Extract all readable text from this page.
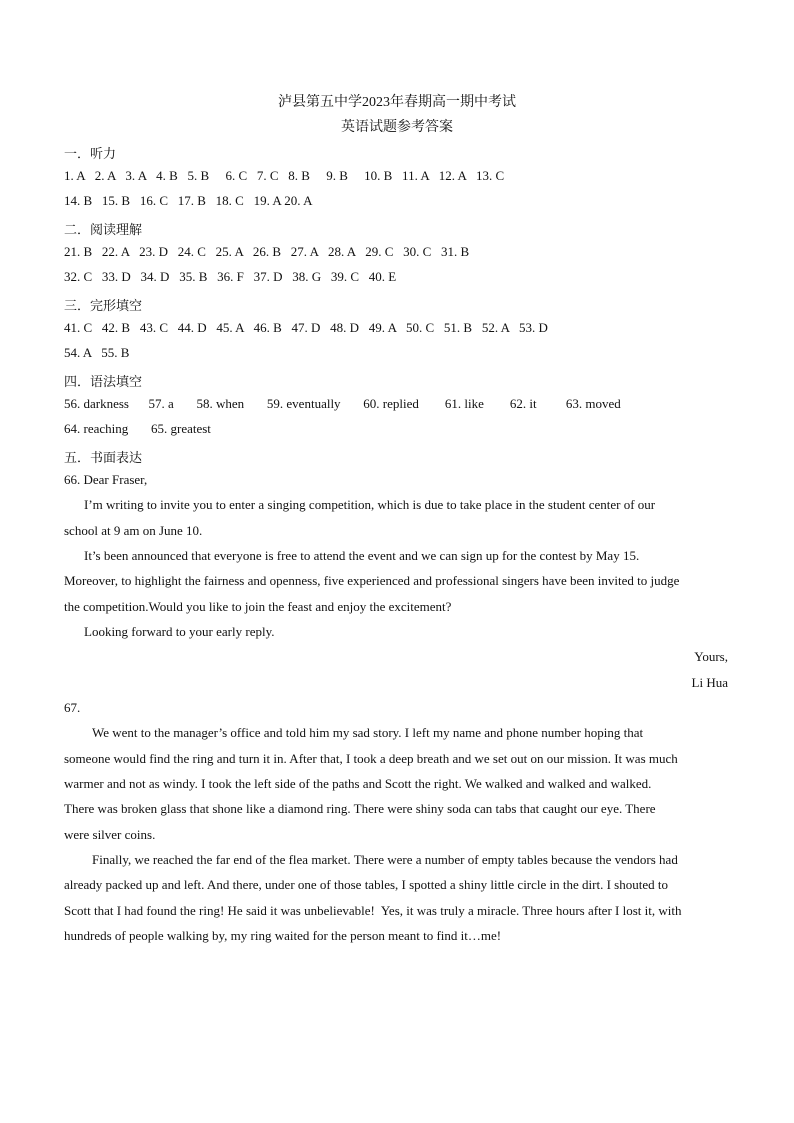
泸县第五中学2023年春期高一期中考试
英语试题参考答案
一．听力
1. A   2. A   3. A   4. B   5. B     6. C   7. C   8. B     9. B     10. B   11. A   12. A   13. C
14. B   15. B   16. C   17. B   18. C   19. A 20. A
二．阅读理解
21. B   22. A   23. D   24. C   25. A   26. B   27. A   28. A   29. C   30. C   31. B
32. C   33. D   34. D   35. B   36. F   37. D   38. G   39. C   40. E
三．完形填空
41. C   42. B   43. C   44. D   45. A   46. B   47. D   48. D   49. A   50. C   51. B   52. A   53. D
54. A   55. B
四．语法填空
56. darkness      57. a       58. when       59. eventually       60. replied        61. like        62. it         63. moved
64. reaching       65. greatest
五．书面表达
66. Dear Fraser,
I’m writing to invite you to enter a singing competition, which is due to take place in the student center of our
school at 9 am on June 10.
It’s been announced that everyone is free to attend the event and we can sign up for the contest by May 15.
Moreover, to highlight the fairness and openness, five experienced and professional singers have been invited to judge
the competition.Would you like to join the feast and enjoy the excitement?
Looking forward to your early reply.
Yours,
Li Hua
67.
We went to the manager’s office and told him my sad story. I left my name and phone number hoping that
someone would find the ring and turn it in. After that, I took a deep breath and we set out on our mission. It was much
warmer and not as windy. I took the left side of the paths and Scott the right. We walked and walked and walked.
There was broken glass that shone like a diamond ring. There were shiny soda can tabs that caught our eye. There
were silver coins.
Finally, we reached the far end of the flea market. There were a number of empty tables because the vendors had
already packed up and left. And there, under one of those tables, I spotted a shiny little circle in the dirt. I shouted to
Scott that I had found the ring! He said it was unbelievable!  Yes, it was truly a miracle. Three hours after I lost it, with
hundreds of people walking by, my ring waited for the person meant to find it…me!
